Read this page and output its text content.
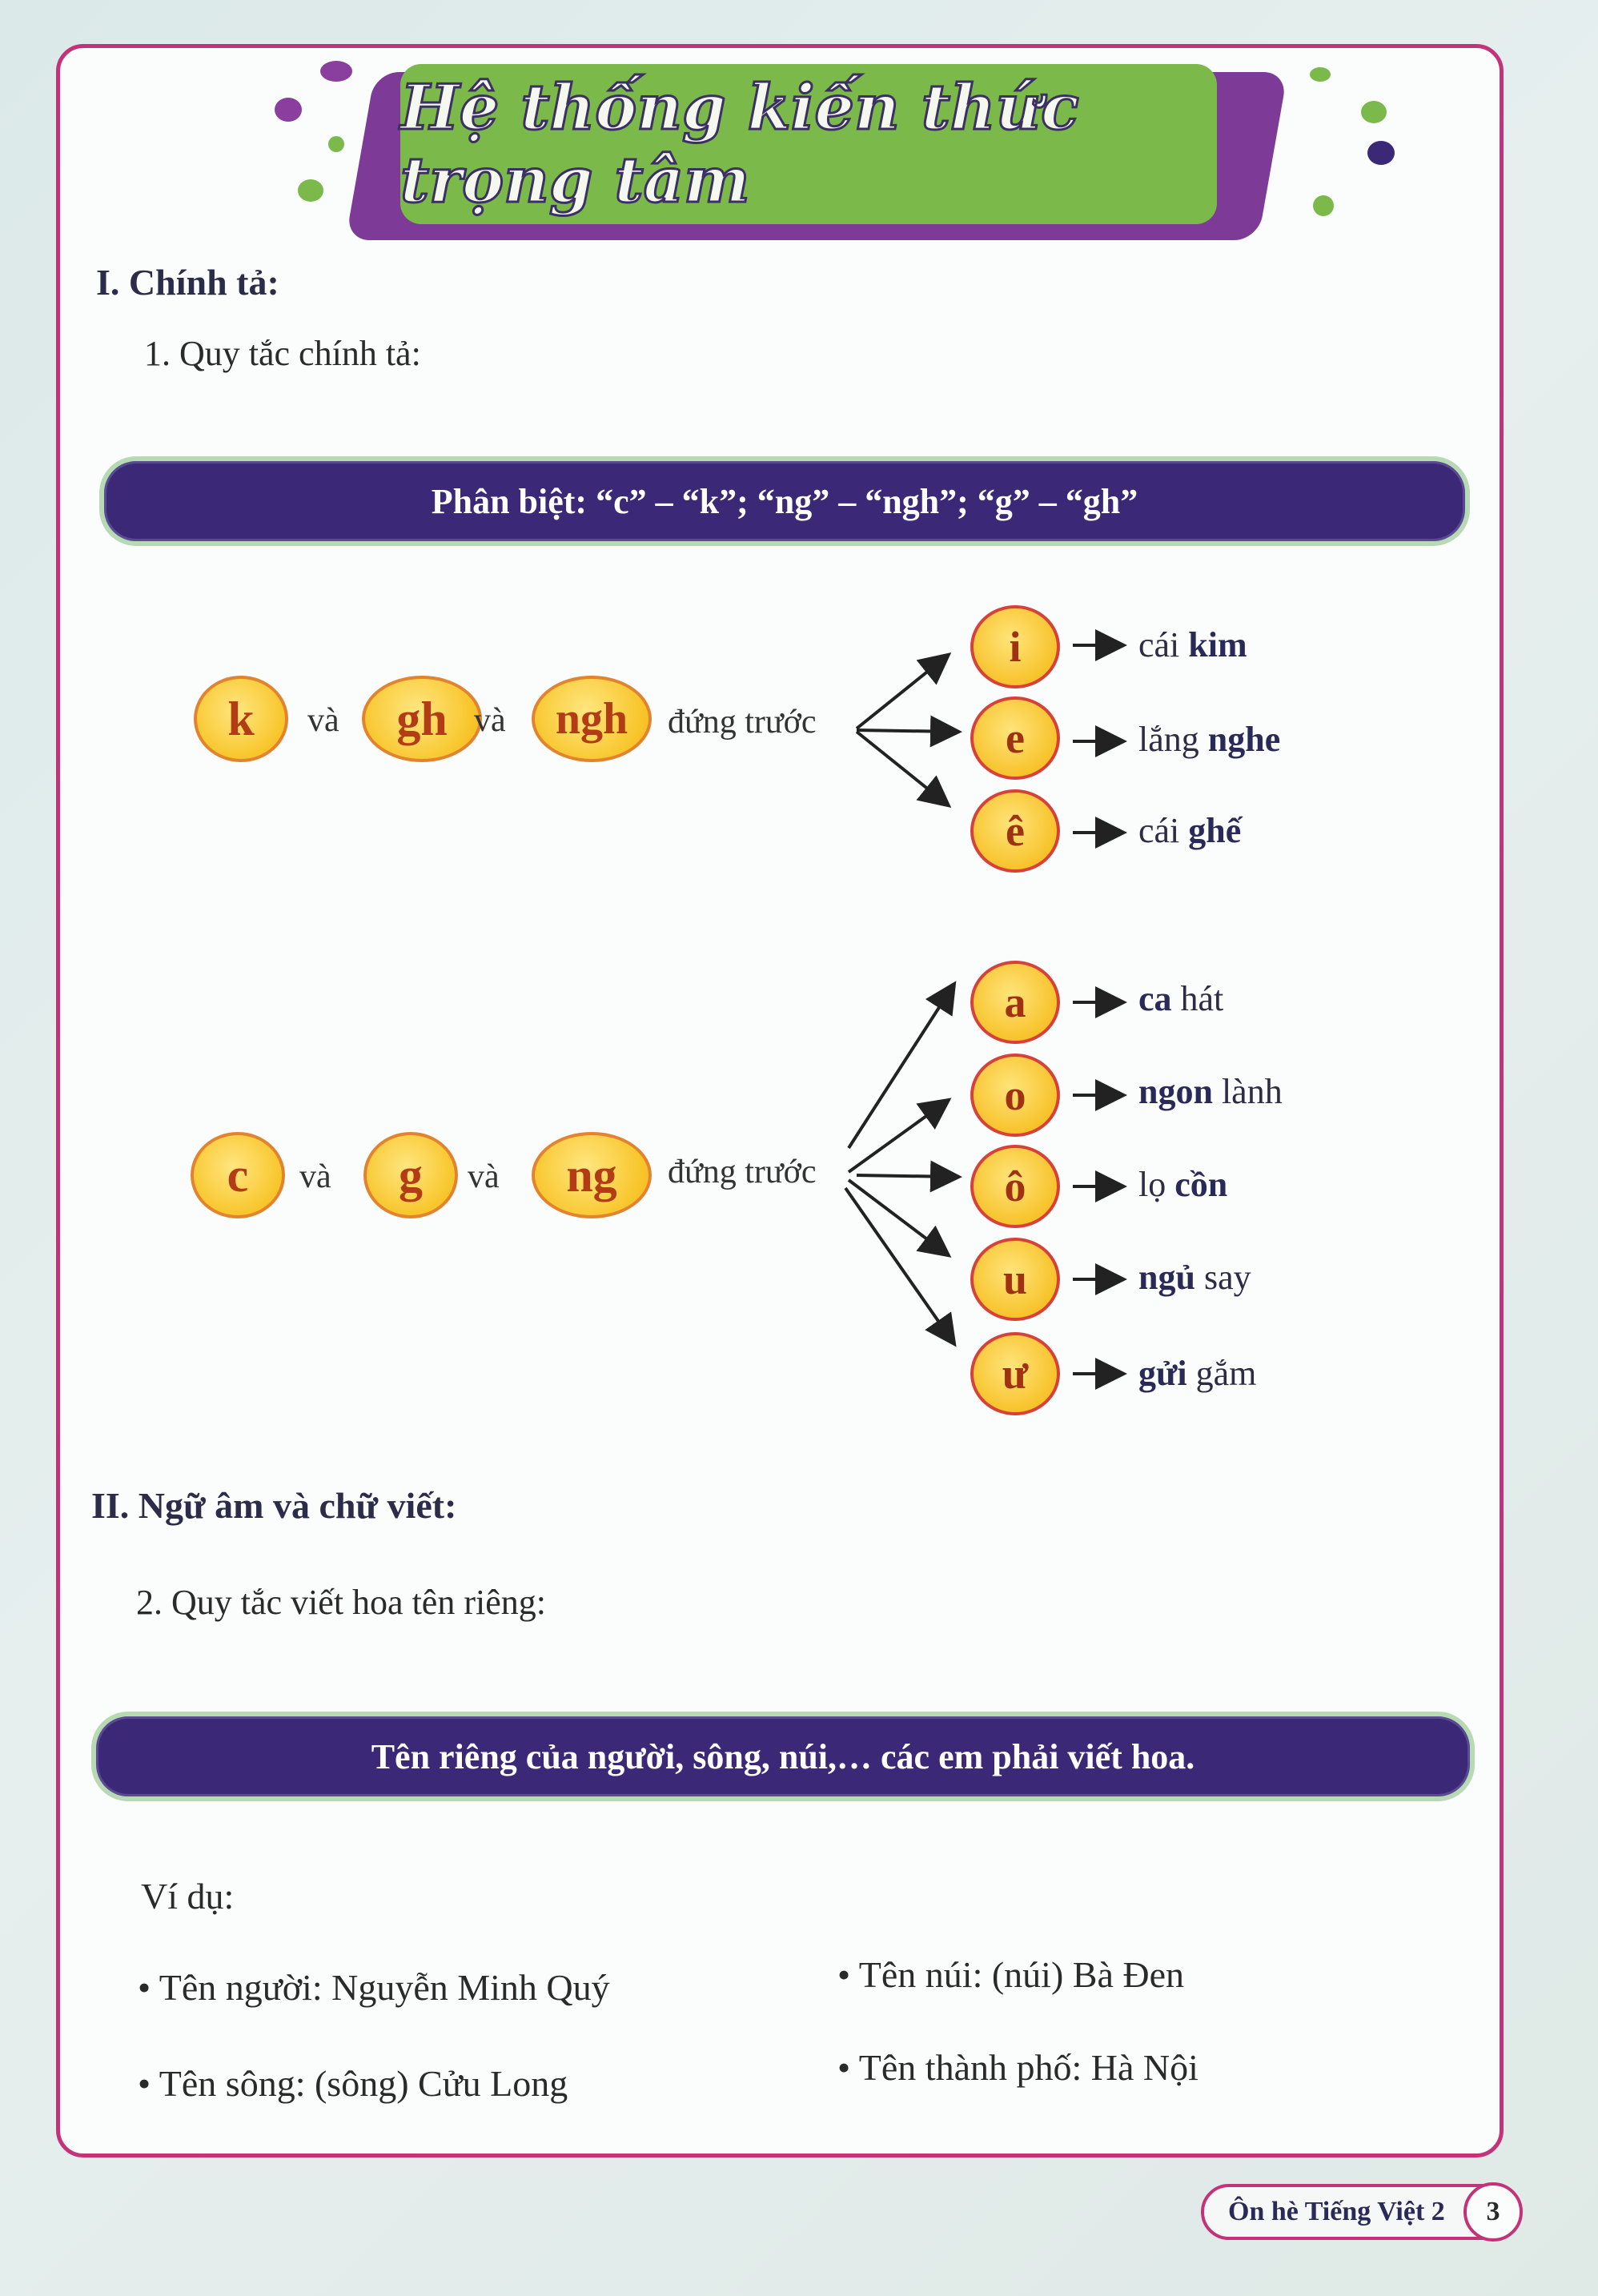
Hệ thống kiến thức trọng tâm
I. Chính tả:
1. Quy tắc chính tả:
Phân biệt: “c” – “k”; “ng” – “ngh”; “g” – “gh”
k	và	gh và	ngh	đứng trước
i
e
ê
cái kim
lắng nghe
cái ghế
c	và	g	và	ng	đứng trước
a
o
ô
u
ư
ca hát
ngon lành
lọ cồn
ngủ say
gửi gắm
II. Ngữ âm và chữ viết:
2. Quy tắc viết hoa tên riêng:
Tên riêng của người, sông, núi,… các em phải viết hoa.
Ví dụ:
• Tên người: Nguyễn Minh Quý
• Tên sông: (sông) Cửu Long
• Tên núi: (núi) Bà Đen
• Tên thành phố: Hà Nội
Ôn hè Tiếng Việt 2	3
